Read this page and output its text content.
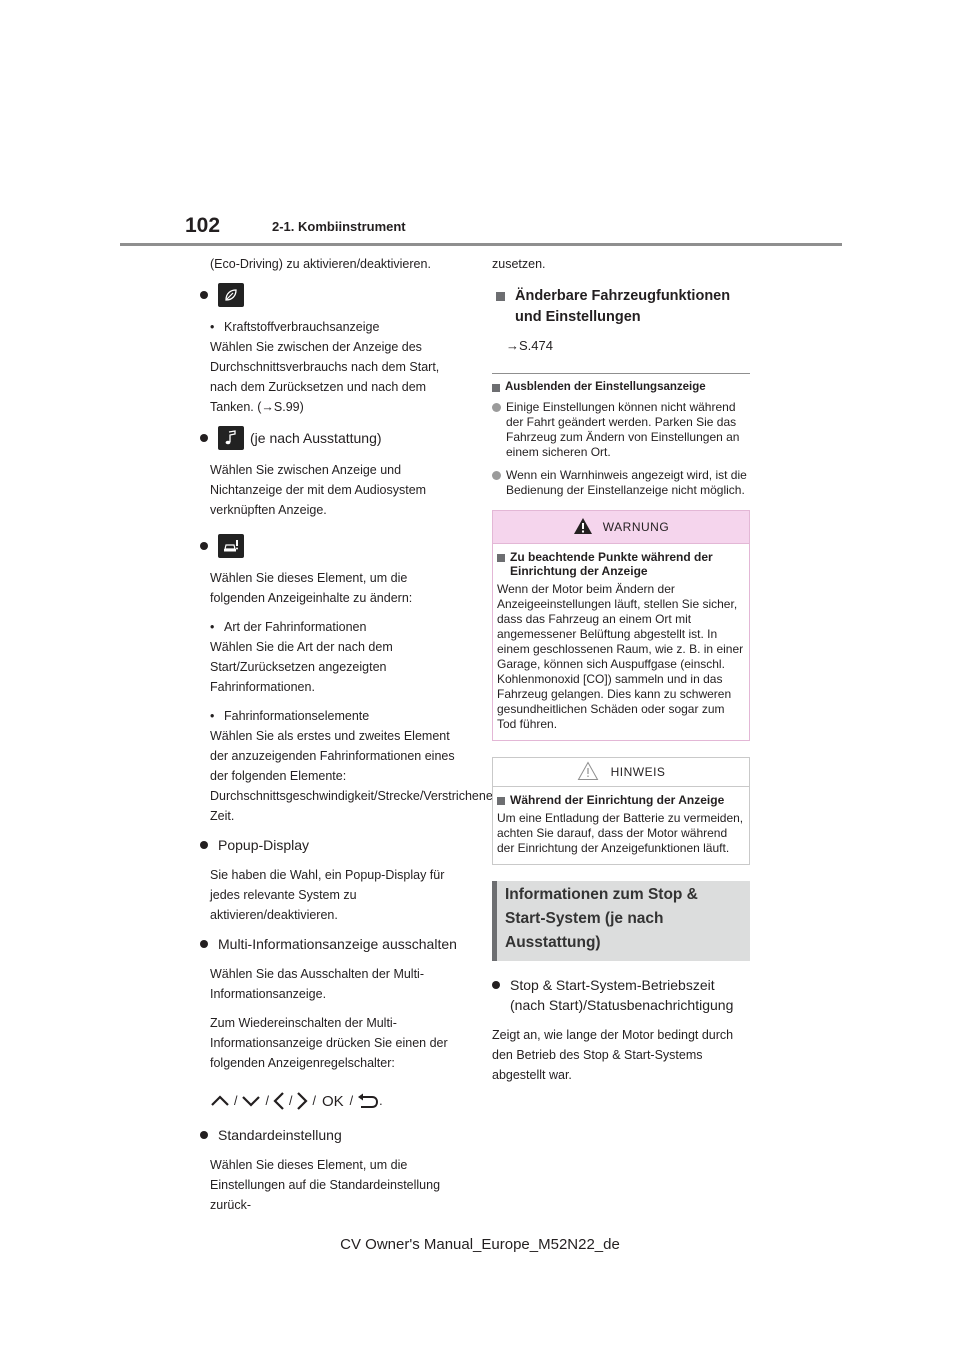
102	2-1. Kombiinstrument

(Eco-Driving) zu aktivieren/deaktivieren.

• Kraftstoffverbrauchsanzeige

Wählen Sie zwischen der Anzeige des Durchschnittsverbrauchs nach dem Start, nach dem Zurücksetzen und nach dem Tanken. (→S.99)

(je nach Ausstattung)

Wählen Sie zwischen Anzeige und Nichtanzeige der mit dem Audiosystem verknüpften Anzeige.

Wählen Sie dieses Element, um die folgenden Anzeigeinhalte zu ändern:

• Art der Fahrinformationen

Wählen Sie die Art der nach dem Start/Zurücksetzen angezeigten Fahrinformationen.

• Fahrinformationselemente

Wählen Sie als erstes und zweites Element der anzuzeigenden Fahrinformationen eines der folgenden Elemente: Durchschnittsgeschwindigkeit/Strecke/Verstrichene Zeit.

Popup-Display

Sie haben die Wahl, ein Popup-Display für jedes relevante System zu aktivieren/deaktivieren.

Multi-Informationsanzeige ausschalten

Wählen Sie das Ausschalten der Multi-Informationsanzeige.

Zum Wiedereinschalten der Multi-Informationsanzeige drücken Sie einen der folgenden Anzeigenregelschalter:

/ / / / OK / .
Standardeinstellung

Wählen Sie dieses Element, um die Einstellungen auf die Standardeinstellung zurück-

zusetzen.

Änderbare Fahrzeugfunktionen und Einstellungen
→S.474
Ausblenden der Einstellungsanzeige
Einige Einstellungen können nicht während der Fahrt geändert werden. Parken Sie das Fahrzeug zum Ändern von Einstellungen an einem sicheren Ort.
Wenn ein Warnhinweis angezeigt wird, ist die Bedienung der Einstellanzeige nicht möglich.
WARNUNG
Zu beachtende Punkte während der Einrichtung der Anzeige

Wenn der Motor beim Ändern der Anzeigeeinstellungen läuft, stellen Sie sicher, dass das Fahrzeug an einem Ort mit angemessener Belüftung abgestellt ist. In einem geschlossenen Raum, wie z. B. in einer Garage, können sich Auspuffgase (einschl. Kohlenmonoxid [CO]) sammeln und in das Fahrzeug gelangen. Dies kann zu schweren gesundheitlichen Schäden oder sogar zum Tod führen.

HINWEIS
Während der Einrichtung der Anzeige

Um eine Entladung der Batterie zu vermeiden, achten Sie darauf, dass der Motor während der Einrichtung der Anzeigefunktionen läuft.

Informationen zum Stop & Start-System (je nach Ausstattung)
Stop & Start-System-Betriebszeit (nach Start)/Statusbenachrichtigung

Zeigt an, wie lange der Motor bedingt durch den Betrieb des Stop & Start-Systems abgestellt war.

CV Owner's Manual_Europe_M52N22_de
